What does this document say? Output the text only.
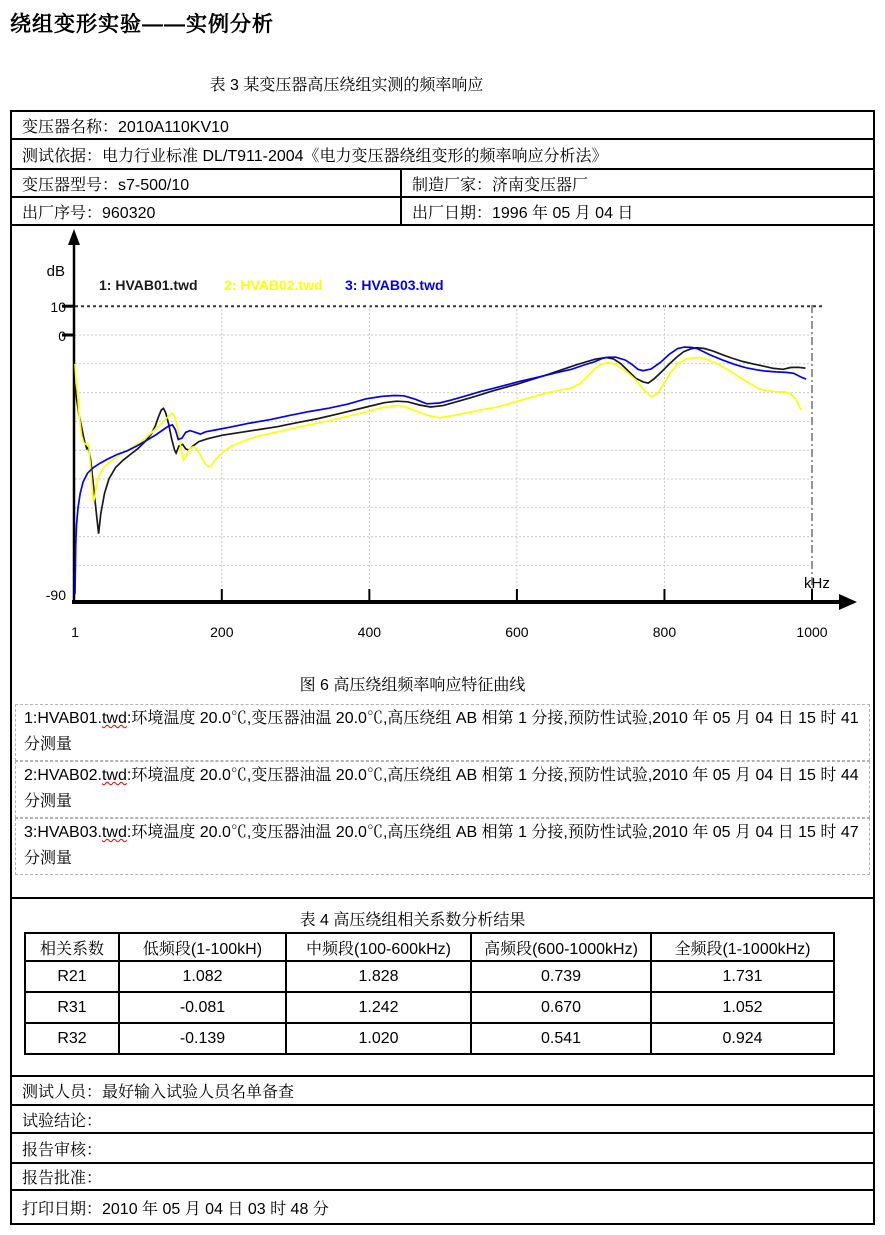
绕组变形实验——实例分析
表 3 某变压器高压绕组实测的频率响应
变压器名称：2010A110KV10
测试依据：电力行业标准 DL/T911-2004《电力变压器绕组变形的频率响应分析法》
变压器型号：s7-500/10	制造厂家：济南变压器厂
出厂序号：960320	出厂日期：1996 年 05 月 04 日
1	200	400	600	800	1000
10
0
-90
dB
kHz
1: HVAB01.twd 2: HVAB02.twd 3: HVAB03.twd
图 6 高压绕组频率响应特征曲线
1:HVAB01.twd:环境温度 20.0℃,变压器油温 20.0℃,高压绕组 AB 相第 1 分接,预防性试验,2010 年 05 月 04 日 15 时 41 分测量
2:HVAB02.twd:环境温度 20.0℃,变压器油温 20.0℃,高压绕组 AB 相第 1 分接,预防性试验,2010 年 05 月 04 日 15 时 44 分测量
3:HVAB03.twd:环境温度 20.0℃,变压器油温 20.0℃,高压绕组 AB 相第 1 分接,预防性试验,2010 年 05 月 04 日 15 时 47 分测量
表 4 高压绕组相关系数分析结果
相关系数	低频段(1-100kH)	中频段(100-600kHz)	高频段(600-1000kHz)	全频段(1-1000kHz)
R21	1.082	1.828	0.739	1.731
R31	-0.081	1.242	0.670	1.052
R32	-0.139	1.020	0.541	0.924
测试人员：最好输入试验人员名单备查
试验结论：
报告审核：
报告批准：
打印日期：2010 年 05 月 04 日 03 时 48 分
